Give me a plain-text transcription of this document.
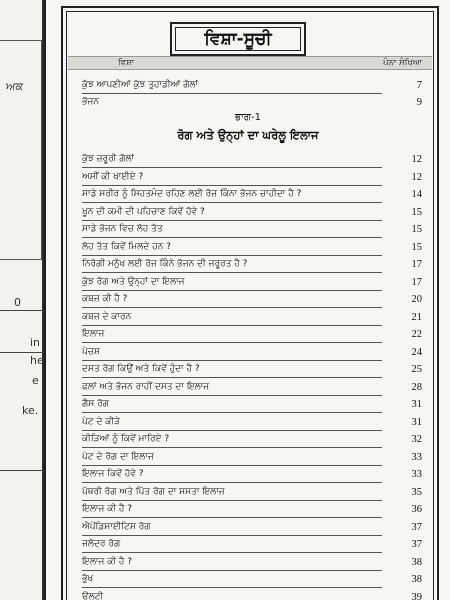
ਅਕ
0
in
he
e
ke.
ਵਿਸ਼ਾ-ਸੂਚੀ
ਵਿਸ਼ਾ	ਪੰਨਾ ਸੰਖਿਆ
ਕੁੱਝ ਆਪਣੀਆਂ ਕੁੱਝ ਤੁਹਾਡੀਆਂ ਗੱਲਾਂ	7
ਭੋਜਨ	9
ਭਾਗ-1
ਰੋਗ ਅਤੇ ਉਨ੍ਹਾਂ ਦਾ ਘਰੇਲੂ ਇਲਾਜ
ਕੁੱਝ ਜ਼ਰੂਰੀ ਗੱਲਾਂ	12
ਅਸੀਂ ਕੀ ਖਾਈਏ ?	12
ਸਾਡੇ ਸਰੀਰ ਨੂੰ ਸਿਹਤਮੰਦ ਰਹਿਣ ਲਈ ਰੋਜ਼ ਕਿੰਨਾ ਭੋਜਨ ਚਾਹੀਦਾ ਹੈ ?	14
ਖੂਨ ਦੀ ਕਮੀ ਦੀ ਪਹਿਚਾਣ ਕਿਵੇਂ ਹੋਵੇ ?	15
ਸਾਡੇ ਭੋਜਨ ਵਿਚ ਲੋਹ ਤੱਤ	15
ਲੋਹ ਤੱਤ ਕਿਵੇਂ ਮਿਲਦੇ ਹਨ ?	15
ਨਿਰੋਗੀ ਮਨੁੱਖ ਲਈ ਰੋਜ਼ ਕਿੰਨੇ ਭੋਜਨ ਦੀ ਜਰੂਰਤ ਹੈ ?	17
ਕੁੱਝ ਰੋਗ ਅਤੇ ਉਨ੍ਹਾਂ ਦਾ ਇਲਾਜ	17
ਕਬਜ਼ ਕੀ ਹੈ ?	20
ਕਬਜ਼ ਦੇ ਕਾਰਨ	21
ਇਲਾਜ	22
ਪੇਚਸ਼	24
ਦਸਤ ਰੋਗ ਕਿਉਂ ਅਤੇ ਕਿਵੇਂ ਹੁੰਦਾ ਹੈ ?	25
ਫਲਾਂ ਅਤੇ ਭੋਜਨ ਰਾਹੀਂ ਦਸਤ ਦਾ ਇਲਾਜ	28
ਗੈਸ ਰੋਗ	31
ਪੇਟ ਦੇ ਕੀੜੇ	31
ਕੀੜਿਆਂ ਨੂੰ ਕਿਵੇਂ ਮਾਰਿਏ ?	32
ਪੇਟ ਦੇ ਰੋਗ ਦਾ ਇਲਾਜ	33
ਇਲਾਜ ਕਿਵੇਂ ਹੋਵੇ ?	33
ਪੱਥਰੀ ਰੋਗ ਅਤੇ ਪਿੱਤ ਰੋਗ ਦਾ ਸਸਤਾ ਇਲਾਜ	35
ਇਲਾਜ ਕੀ ਹੈ ?	36
ਐਪੇਂਡਿਸਾਈਟਿਸ ਰੋਗ	37
ਜਲੋਦਰ ਰੋਗ	37
ਇਲਾਜ ਕੀ ਹੈ ?	38
ਭੁੱਖ	38
ਉਲਟੀ	39
